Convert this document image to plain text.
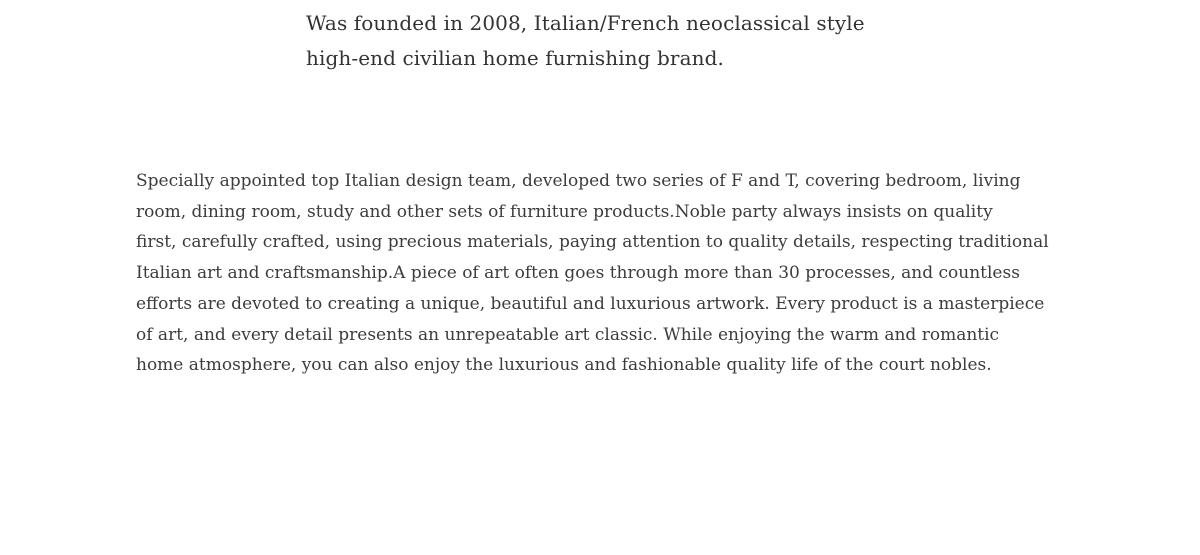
Was founded in 2008, Italian/French neoclassical style
high-end civilian home furnishing brand.

Specially appointed top Italian design team, developed two series of F and T, covering bedroom, living
room, dining room, study and other sets of furniture products.Noble party always insists on quality
first, carefully crafted, using precious materials, paying attention to quality details, respecting traditional
Italian art and craftsmanship.A piece of art often goes through more than 30 processes, and countless
efforts are devoted to creating a unique, beautiful and luxurious artwork. Every product is a masterpiece
of art, and every detail presents an unrepeatable art classic. While enjoying the warm and romantic
home atmosphere, you can also enjoy the luxurious and fashionable quality life of the court nobles.
